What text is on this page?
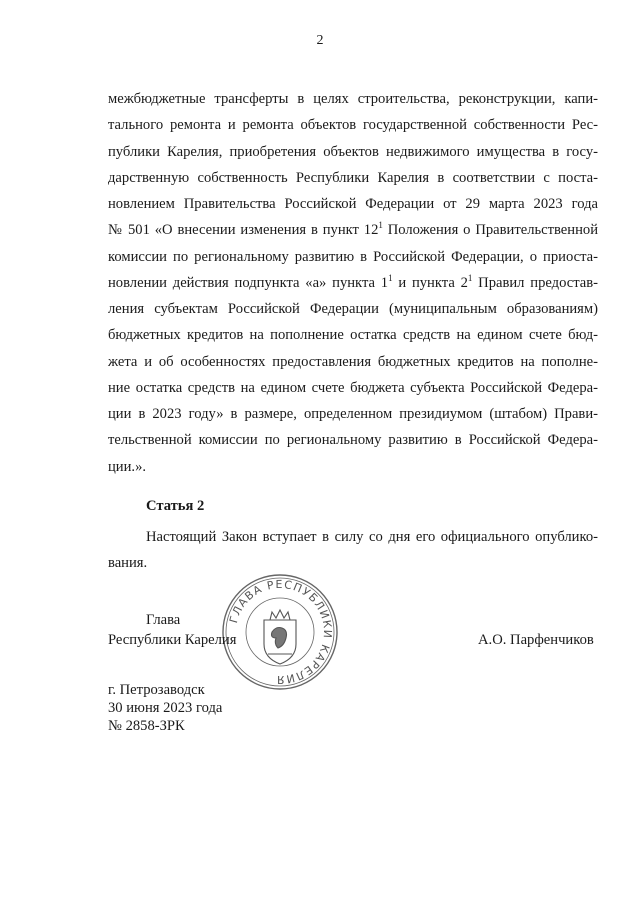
2
межбюджетные трансферты в целях строительства, реконструкции, капи-
тального ремонта и ремонта объектов государственной собственности Рес-
публики Карелия, приобретения объектов недвижимого имущества в госу-
дарственную собственность Республики Карелия в соответствии с поста-
новлением Правительства Российской Федерации от 29 марта 2023 года
№ 501 «О внесении изменения в пункт $12^1$ Положения о Правительственной
комиссии по региональному развитию в Российской Федерации, о приоста-
новлении действия подпункта «а» пункта $1^1$ и пункта $2^1$ Правил предостав-
ления субъектам Российской Федерации (муниципальным образованиям)
бюджетных кредитов на пополнение остатка средств на едином счете бюд-
жета и об особенностях предоставления бюджетных кредитов на пополне-
ние остатка средств на едином счете бюджета субъекта Российской Федера-
ции в 2023 году» в размере, определенном президиумом (штабом) Прави-
тельственной комиссии по региональному развитию в Российской Федера-
ции.».
Статья 2
Настоящий Закон вступает в силу со дня его официального опублико-
вания.
ГЛАВА РЕСПУБЛИКИ КАРЕЛИЯ
Глава
Республики Карелия	А.О. Парфенчиков
г. Петрозаводск
30 июня 2023 года
№ 2858-ЗРК
